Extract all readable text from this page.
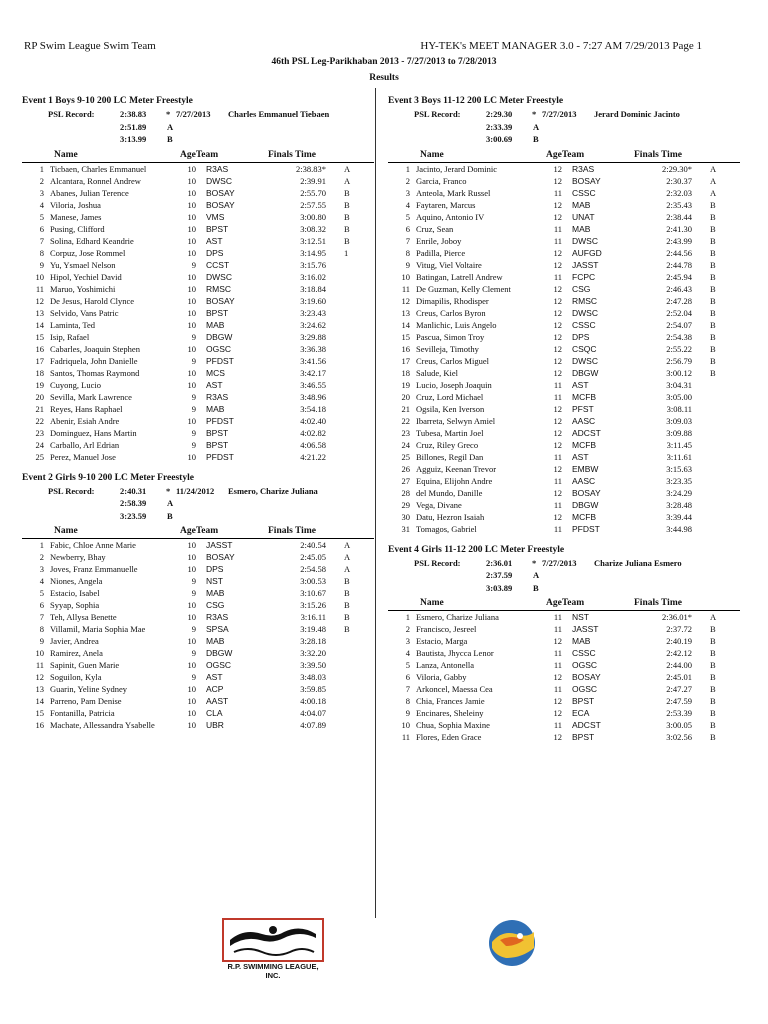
RP Swim League Swim Team	HY-TEK's MEET MANAGER 3.0 - 7:27 AM 7/29/2013 Page 1
46th PSL Leg-Parikhaban 2013 - 7/27/2013 to 7/28/2013
Results
Event 1 Boys 9-10 200 LC Meter Freestyle
PSL Record:	2:38.83 * 7/27/2013 Charles Emmanuel Tiebaen
2:51.89 A
3:13.99 B
Name	AgeTeam	Finals Time
1 Ticbaen, Charles Emmanuel	10 R3AS	2:38.83* A
2 Alcantara, Ronnel Andrew	10 DWSC	2:39.91 A
3 Abanes, Julian Terence	10 BOSAY	2:55.70 B
4 Viloria, Joshua	10 BOSAY	2:57.55 B
5 Manese, James	10 VMS	3:00.80 B
6 Pusing, Clifford	10 BPST	3:08.32 B
7 Solina, Edhard Keandrie	10 AST	3:12.51 B
8 Corpuz, Jose Rommel	10 DPS	3:14.95 1
9 Yu, Ysmael Nelson	9 CCST	3:15.76
10 Hipol, Yechiel David	10 DWSC	3:16.02
11 Maruo, Yoshimichi	10 RMSC	3:18.84
12 De Jesus, Harold Clynce	10 BOSAY	3:19.60
13 Selvido, Vans Patric	10 BPST	3:23.43
14 Laminta, Ted	10 MAB	3:24.62
15 Isip, Rafael	9 DBGW	3:29.88
16 Cabarles, Joaquin Stephen	10 OGSC	3:36.38
17 Fadriquela, John Danielle	9 PFDST	3:41.56
18 Santos, Thomas Raymond	10 MCS	3:42.17
19 Cuyong, Lucio	10 AST	3:46.55
20 Sevilla, Mark Lawrence	9 R3AS	3:48.96
21 Reyes, Hans Raphael	9 MAB	3:54.18
22 Abenir, Esiah Andre	10 PFDST	4:02.40
23 Dominguez, Hans Martin	9 BPST	4:02.82
24 Carballo, Arl Edrian	9 BPST	4:06.58
25 Perez, Manuel Jose	10 PFDST	4:21.22
Event 2 Girls 9-10 200 LC Meter Freestyle
PSL Record:	2:40.31 * 11/24/2012 Esmero, Charize Juliana
2:58.39 A
3:23.59 B
Name	AgeTeam	Finals Time
1 Fabic, Chloe Anne Marie	10 JASST	2:40.54 A
2 Newberry, Bhay	10 BOSAY	2:45.05 A
3 Joves, Franz Emmanuelle	10 DPS	2:54.58 A
4 Niones, Angela	9 NST	3:00.53 B
5 Estacio, Isabel	9 MAB	3:10.67 B
6 Syyap, Sophia	10 CSG	3:15.26 B
7 Teh, Allysa Benette	10 R3AS	3:16.11 B
8 Villamil, Maria Sophia Mae	9 SPSA	3:19.48 B
9 Javier, Andrea	10 MAB	3:28.18
10 Ramirez, Anela	9 DBGW	3:32.20
11 Sapinit, Guen Marie	10 OGSC	3:39.50
12 Soguilon, Kyla	9 AST	3:48.03
13 Guarin, Yeline Sydney	10 ACP	3:59.85
14 Parreno, Pam Denise	10 AAST	4:00.18
15 Fontanilla, Patricia	10 CLA	4:04.07
16 Machate, Allessandra Ysabelle	10 UBR	4:07.89
Event 3 Boys 11-12 200 LC Meter Freestyle
PSL Record:	2:29.30 * 7/27/2013 Jerard Dominic Jacinto
2:33.39 A
3:00.69 B
Name	AgeTeam	Finals Time
1 Jacinto, Jerard Dominic	12 R3AS	2:29.30* A
2 Garcia, Franco	12 BOSAY	2:30.37 A
3 Anteola, Mark Russel	11 CSSC	2:32.03 A
4 Faytaren, Marcus	12 MAB	2:35.43 B
5 Aquino, Antonio IV	12 UNAT	2:38.44 B
6 Cruz, Sean	11 MAB	2:41.30 B
7 Enrile, Joboy	11 DWSC	2:43.99 B
8 Padilla, Pierce	12 AUFGD	2:44.56 B
9 Vitug, Viel Voltaire	12 JASST	2:44.78 B
10 Batingan, Latrell Andrew	11 FCPC	2:45.94 B
11 De Guzman, Kelly Clement	12 CSG	2:46.43 B
12 Dimapilis, Rhodisper	12 RMSC	2:47.28 B
13 Creus, Carlos Byron	12 DWSC	2:52.04 B
14 Manlichic, Luis Angelo	12 CSSC	2:54.07 B
15 Pascua, Simon Troy	12 DPS	2:54.38 B
16 Sevilleja, Timothy	12 CSQC	2:55.22 B
17 Creus, Carlos Miguel	12 DWSC	2:56.79 B
18 Salude, Kiel	12 DBGW	3:00.12 B
19 Lucio, Joseph Joaquin	11 AST	3:04.31
20 Cruz, Lord Michael	11 MCFB	3:05.00
21 Ogsila, Ken Iverson	12 PFST	3:08.11
22 Ibarreta, Selwyn Amiel	12 AASC	3:09.03
23 Tubesa, Martin Joel	12 ADCST	3:09.88
24 Cruz, Riley Greco	12 MCFB	3:11.45
25 Billones, Regil Dan	11 AST	3:11.61
26 Agguiz, Keenan Trevor	12 EMBW	3:15.63
27 Equina, Elijohn Andre	11 AASC	3:23.35
28 del Mundo, Danille	12 BOSAY	3:24.29
29 Vega, Divane	11 DBGW	3:28.48
30 Datu, Hezron Isaiah	12 MCFB	3:39.44
31 Tomagos, Gabriel	11 PFDST	3:44.98
Event 4 Girls 11-12 200 LC Meter Freestyle
PSL Record:	2:36.01 * 7/27/2013 Charize Juliana Esmero
2:37.59 A
3:03.89 B
Name	AgeTeam	Finals Time
1 Esmero, Charize Juliana	11 NST	2:36.01* A
2 Francisco, Jesreel	11 JASST	2:37.72 B
3 Estacio, Marga	12 MAB	2:40.19 B
4 Bautista, Jhycca Lenor	11 CSSC	2:42.12 B
5 Lanza, Antonella	11 OGSC	2:44.00 B
6 Viloria, Gabby	12 BOSAY	2:45.01 B
7 Arkoncel, Maessa Cea	11 OGSC	2:47.27 B
8 Chia, Frances Jamie	12 BPST	2:47.59 B
9 Encinares, Sheleiny	12 ECA	2:53.39 B
10 Chua, Sophia Maxine	11 ADCST	3:00.05 B
11 Flores, Eden Grace	12 BPST	3:02.56 B
R.P. SWIMMING LEAGUE, INC.
